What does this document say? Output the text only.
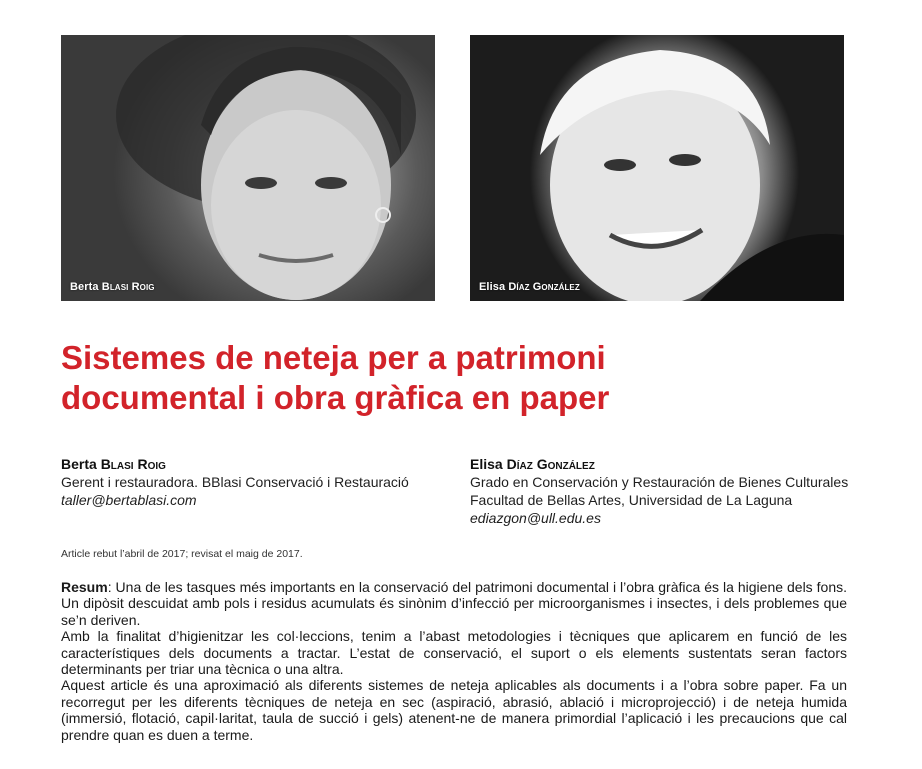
Berta Blasi Roig	Elisa Díaz González
Sistemes de neteja per a patrimoni
documental i obra gràfica en paper
Berta Blasi Roig
Gerent i restauradora. BBlasi Conservació i Restauració
taller@bertablasi.com
Elisa Díaz González
Grado en Conservación y Restauración de Bienes Culturales
Facultad de Bellas Artes, Universidad de La Laguna
ediazgon@ull.edu.es
Article rebut l’abril de 2017; revisat el maig de 2017.

Resum: Una de les tasques més importants en la conservació del patrimoni documental i l’obra gràfica és la higiene dels fons. Un dipòsit descuidat amb pols i residus acumulats és sinònim d’infecció per microorganismes i insectes, i dels problemes que se’n deriven.

Amb la finalitat d’higienitzar les col·leccions, tenim a l’abast metodologies i tècniques que aplicarem en funció de les característiques dels documents a tractar. L’estat de conservació, el suport o els elements sustentats seran factors determinants per triar una tècnica o una altra.

Aquest article és una aproximació als diferents sistemes de neteja aplicables als documents i a l’obra sobre paper. Fa un recorregut per les diferents tècniques de neteja en sec (aspiració, abrasió, ablació i microprojecció) i de neteja humida (immersió, flotació, capil·laritat, taula de succió i gels) atenent-ne de manera primordial l’aplicació i les precaucions que cal prendre quan es duen a terme.
